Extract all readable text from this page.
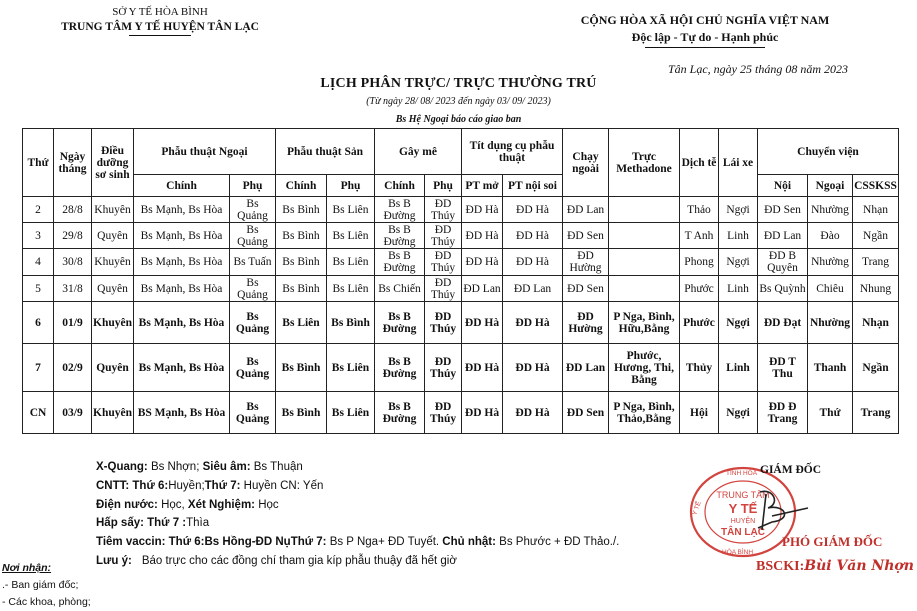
SỞ Y TẾ HÒA BÌNH
TRUNG TÂM Y TẾ HUYỆN TÂN LẠC	CỘNG HÒA XÃ HỘI CHỦ NGHĨA VIỆT NAM
Độc lập - Tự do - Hạnh phúc
Tân Lạc, ngày 25 tháng 08 năm 2023
LỊCH PHÂN TRỰC/ TRỰC THƯỜNG TRÚ
(Từ ngày 28/ 08/ 2023 đến ngày 03/ 09/ 2023)
Bs Hệ Ngoại báo cáo giao ban
Thứ	Ngày tháng	Điều dưỡng sơ sinh	Phẫu thuật Ngoại		Phẫu thuật Sản		Gây mê		Tít dụng cụ phẫu thuật		Chạy ngoài	Trực Methadone	Dịch tễ	Lái xe	Chuyển viện		
			Chính	Phụ	Chính	Phụ	Chính	Phụ	PT mở	PT nội soi					Nội	Ngoại	CSSKSS
2	28/8	Khuyên	Bs Mạnh, Bs Hòa	Bs Quảng	Bs Bình	Bs Liên	Bs B Đường	ĐD Thúy	ĐD Hà	ĐD Hà	ĐD Lan		Thảo	Ngợi	ĐD Sen	Nhường	Nhạn
3	29/8	Quyên	Bs Mạnh, Bs Hòa	Bs Quảng	Bs Bình	Bs Liên	Bs B Đường	ĐD Thúy	ĐD Hà	ĐD Hà	ĐD Sen		T Anh	Linh	ĐD Lan	Đào	Ngần
4	30/8	Khuyên	Bs Mạnh, Bs Hòa	Bs Tuấn	Bs Bình	Bs Liên	Bs B Đường	ĐD Thúy	ĐD Hà	ĐD Hà	ĐD Hường		Phong	Ngợi	ĐD B Quyên	Nhường	Trang
5	31/8	Quyên	Bs Mạnh, Bs Hòa	Bs Quảng	Bs Bình	Bs Liên	Bs Chiến	ĐD Thúy	ĐD Lan	ĐD Lan	ĐD Sen		Phước	Linh	Bs Quỳnh	Chiêu	Nhung
6	01/9	Khuyên	Bs Mạnh, Bs Hòa	Bs Quảng	Bs Liên	Bs Bình	Bs B Đường	ĐD Thúy	ĐD Hà	ĐD Hà	ĐD Hường	P Nga, Bình, Hữu,Bằng	Phước	Ngợi	ĐD Đạt	Nhường	Nhạn
7	02/9	Quyên	Bs Mạnh, Bs Hòa	Bs Quảng	Bs Bình	Bs Liên	Bs B Đường	ĐD Thúy	ĐD Hà	ĐD Hà	ĐD Lan	Phước, Hương, Thi, Bằng	Thủy	Linh	ĐD T Thu	Thanh	Ngần
CN	03/9	Khuyên	BS Mạnh, Bs Hòa	Bs Quảng	Bs Bình	Bs Liên	Bs B Đường	ĐD Thúy	ĐD Hà	ĐD Hà	ĐD Sen	P Nga, Bình, Thảo,Bằng	Hội	Ngợi	ĐD Đ Trang	Thứ	Trang
X-Quang: Bs Nhợn; Siêu âm: Bs Thuận
CNTT: Thứ 6:Huyền;Thứ 7: Huyền CN: Yến
Điện nước: Học, Xét Nghiệm: Học
Hấp sấy: Thứ 7 :Thìa
Tiêm vaccin: Thứ 6:Bs Hồng-ĐD NụThứ 7: Bs P Nga+ ĐD Tuyết. Chủ nhật: Bs Phước + ĐD Thảo./.
Lưu ý: Báo trực cho các đồng chí tham gia kíp phẫu thuậy đã hết giờ
Nơi nhận:
.- Ban giám đốc;
- Các khoa, phòng;
TỈNH HÒA
Y TẾ
HÒA BÌNH
TRUNG TÂM
Y TẾ
HUYỆN
TÂN LẠC
GIÁM ĐỐC
PHÓ GIÁM ĐỐC
BSCKI:Bùi Văn Nhợn
